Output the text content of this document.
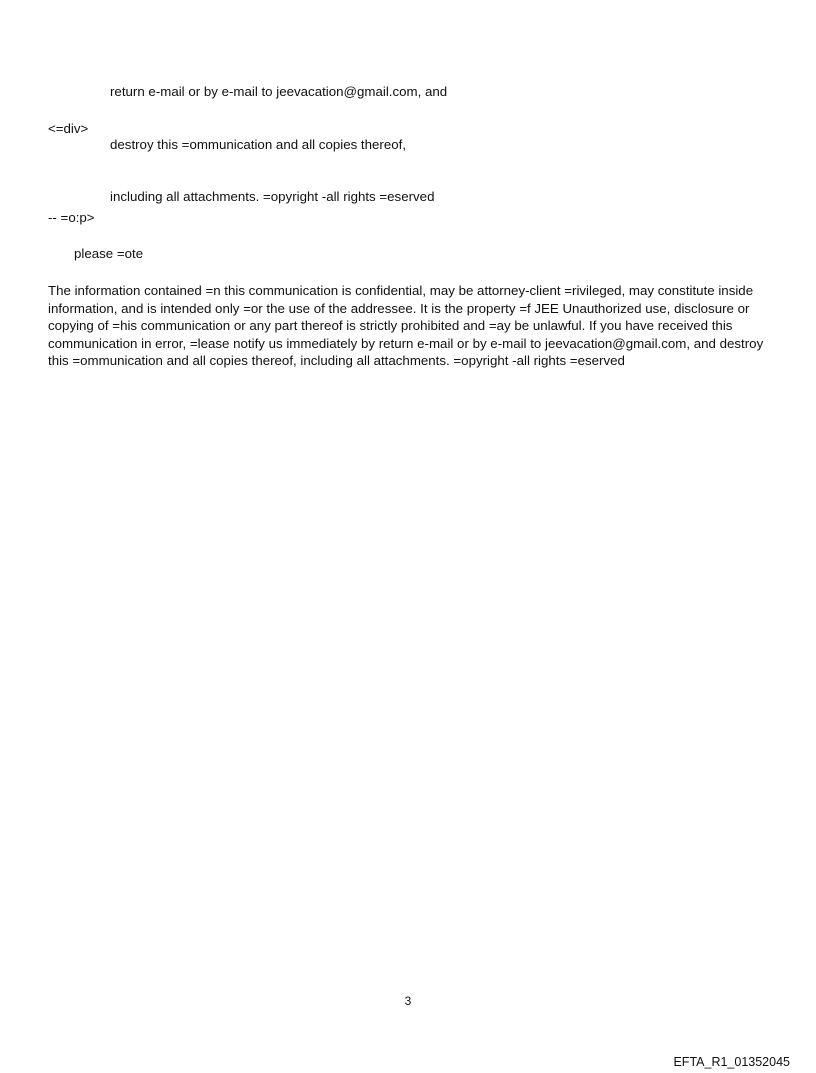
return e-mail or by e-mail to jeevacation@gmail.com, and

destroy this =ommunication and all copies thereof,

including all attachments. =opyright -all rights =eserved

<=div>

-- =o:p>

please =ote

The information contained =n this communication is confidential, may be attorney-client =rivileged, may constitute inside information, and is intended only =or the use of the addressee. It is the property =f JEE Unauthorized use, disclosure or copying of =his communication or any part thereof is strictly prohibited and =ay be unlawful. If you have received this communication in error, =lease notify us immediately by return e-mail or by e-mail to jeevacation@gmail.com, and destroy this =ommunication and all copies thereof, including all attachments. =opyright -all rights =eserved

3
EFTA_R1_01352045
